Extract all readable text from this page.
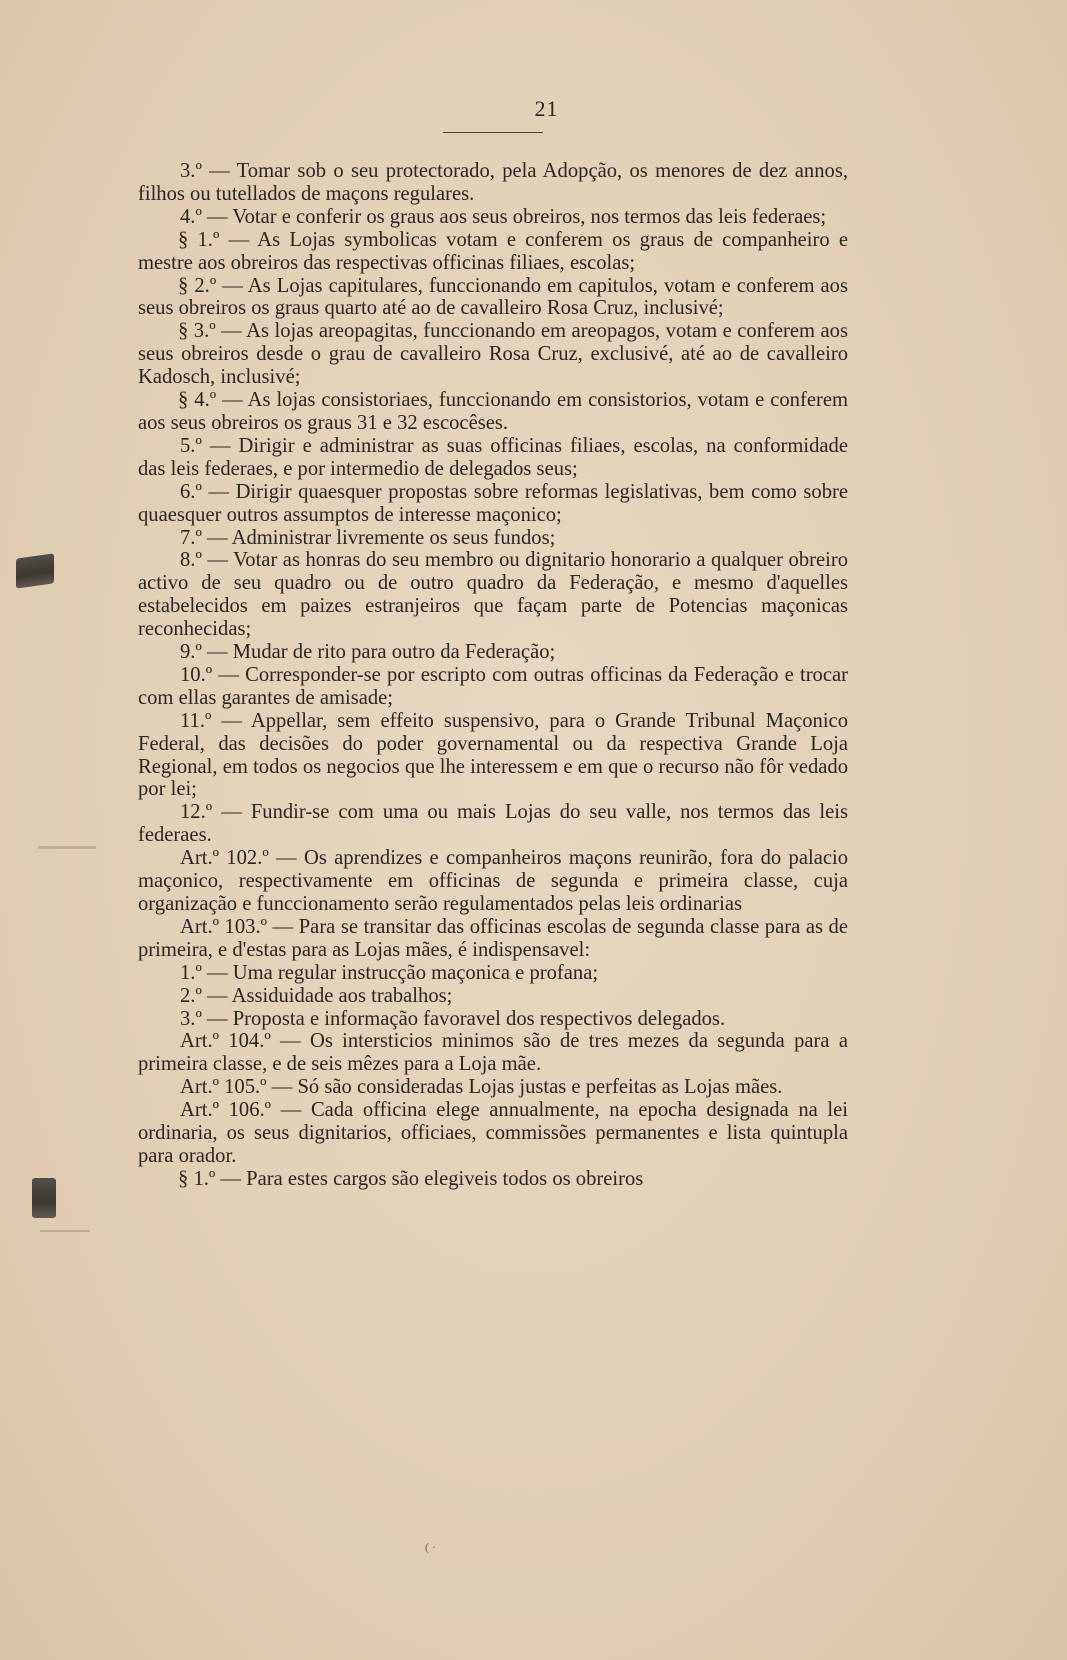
21

3.º — Tomar sob o seu protectorado, pela Adopção, os menores de dez annos, filhos ou tutellados de maçons regulares.

4.º — Votar e conferir os graus aos seus obreiros, nos termos das leis federaes;

§ 1.º — As Lojas symbolicas votam e conferem os graus de companheiro e mestre aos obreiros das respectivas officinas filiaes, escolas;

§ 2.º — As Lojas capitulares, funccionando em capitulos, votam e conferem aos seus obreiros os graus quarto até ao de cavalleiro Rosa Cruz, inclusivé;

§ 3.º — As lojas areopagitas, funccionando em areopagos, votam e conferem aos seus obreiros desde o grau de cavalleiro Rosa Cruz, exclusivé, até ao de cavalleiro Kadosch, inclusivé;

§ 4.º — As lojas consistoriaes, funccionando em consistorios, votam e conferem aos seus obreiros os graus 31 e 32 escocêses.

5.º — Dirigir e administrar as suas officinas filiaes, escolas, na conformidade das leis federaes, e por intermedio de delegados seus;

6.º — Dirigir quaesquer propostas sobre reformas legislativas, bem como sobre quaesquer outros assumptos de interesse maçonico;

7.º — Administrar livremente os seus fundos;

8.º — Votar as honras do seu membro ou dignitario honorario a qualquer obreiro activo de seu quadro ou de outro quadro da Federação, e mesmo d'aquelles estabelecidos em paizes estranjeiros que façam parte de Potencias maçonicas reconhecidas;

9.º — Mudar de rito para outro da Federação;

10.º — Corresponder-se por escripto com outras officinas da Federação e trocar com ellas garantes de amisade;

11.º — Appellar, sem effeito suspensivo, para o Grande Tribunal Maçonico Federal, das decisões do poder governamental ou da respectiva Grande Loja Regional, em todos os negocios que lhe interessem e em que o recurso não fôr vedado por lei;

12.º — Fundir-se com uma ou mais Lojas do seu valle, nos termos das leis federaes.

Art.º 102.º — Os aprendizes e companheiros maçons reunirão, fora do palacio maçonico, respectivamente em officinas de segunda e primeira classe, cuja organização e funccionamento serão regulamentados pelas leis ordinarias

Art.º 103.º — Para se transitar das officinas escolas de segunda classe para as de primeira, e d'estas para as Lojas mães, é indispensavel:

1.º — Uma regular instrucção maçonica e profana;

2.º — Assiduidade aos trabalhos;

3.º — Proposta e informação favoravel dos respectivos delegados.

Art.º 104.º — Os intersticios minimos são de tres mezes da segunda para a primeira classe, e de seis mêzes para a Loja mãe.

Art.º 105.º — Só são consideradas Lojas justas e perfeitas as Lojas mães.

Art.º 106.º — Cada officina elege annualmente, na epocha designada na lei ordinaria, os seus dignitarios, officiaes, commissões permanentes e lista quintupla para orador.

§ 1.º — Para estes cargos são elegiveis todos os obreiros

( ·
